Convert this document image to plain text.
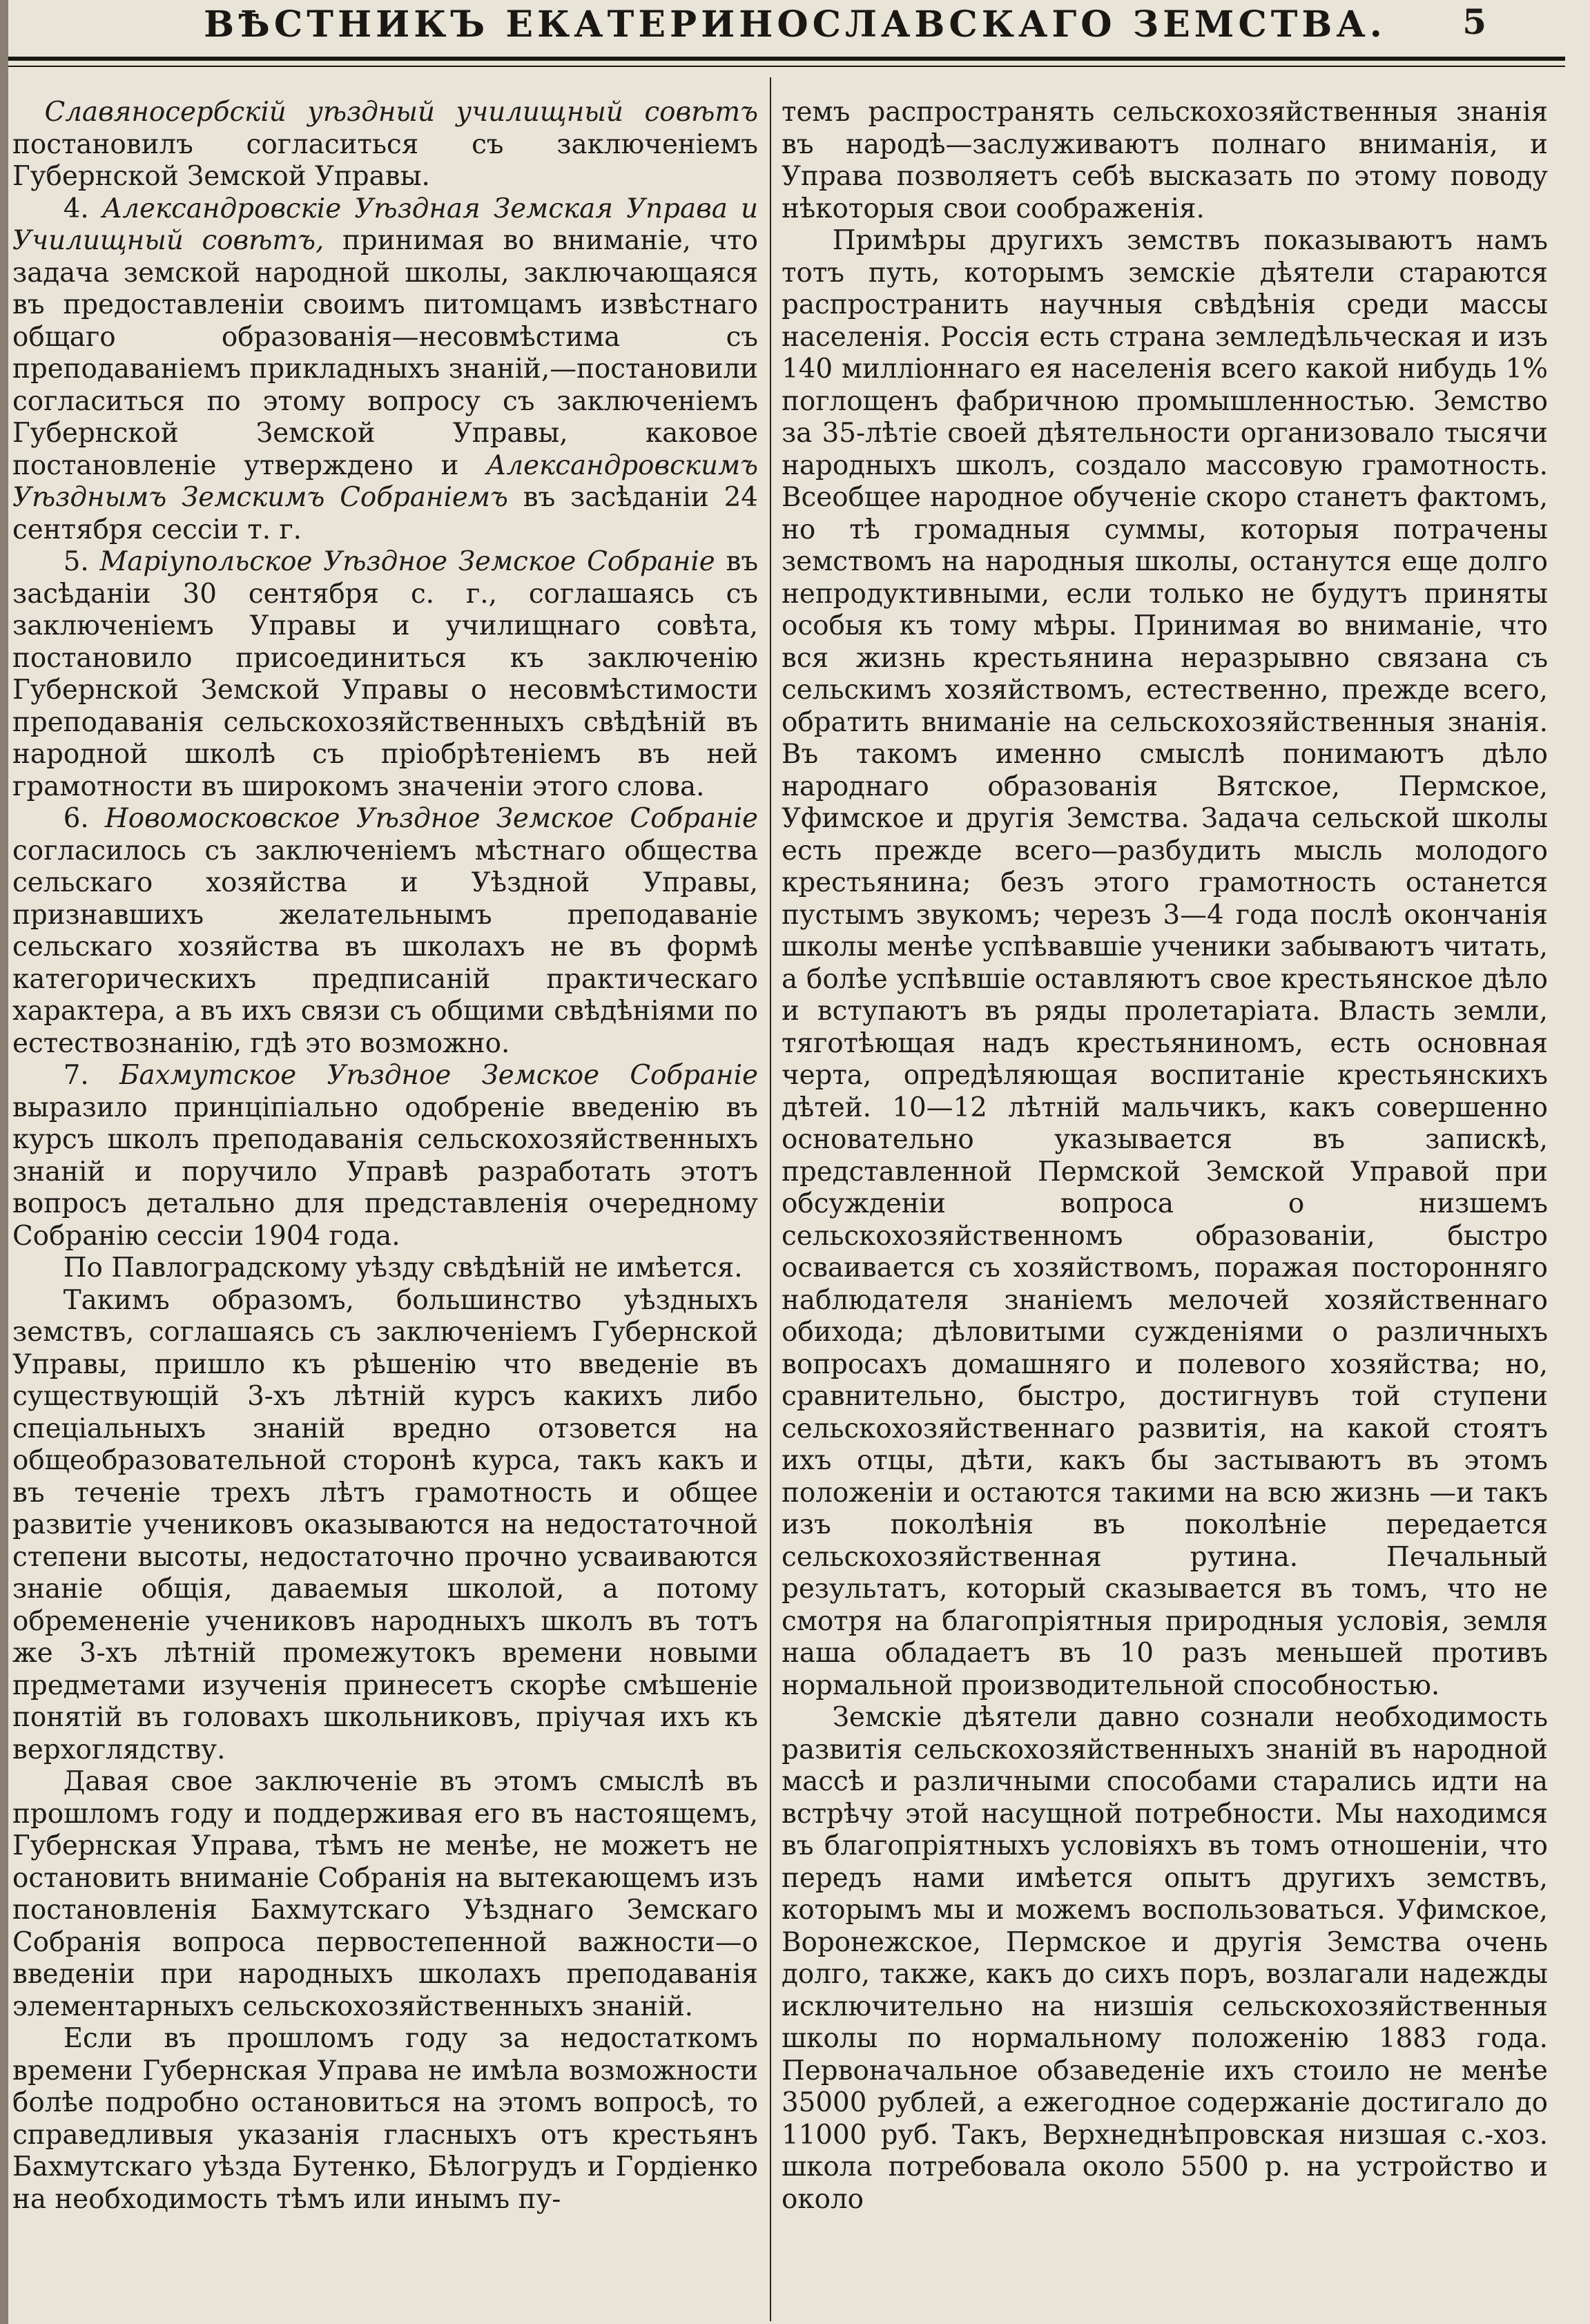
ВѢСТНИКЪ ЕКАТЕРИНОСЛАВСКАГО ЗЕМСТВА. 5

Славяносербскiй уѣздный училищный совѣтъ постановилъ согласиться съ заключенiемъ Губернской Земской Управы.

4. Александровскiе Уѣздная Земская Управа и Училищный совѣтъ, принимая во вниманiе, что задача земской народной школы, заключающаяся въ предоставленiи своимъ питомцамъ извѣстнаго общаго образованiя—несовмѣстима съ преподаванiемъ прикладныхъ знанiй,—постановили согласиться по этому вопросу съ заключенiемъ Губернской Земской Управы, каковое постановленiе утверждено и Александровскимъ Уѣзднымъ Земскимъ Собранiемъ въ засѣданiи 24 сентября сессiи т. г.

5. Марiупольское Уѣздное Земское Собранiе въ засѣданiи 30 сентября с. г., соглашаясь съ заключенiемъ Управы и училищнаго совѣта, постановило присоединиться къ заключенiю Губернской Земской Управы о несовмѣстимости преподаванiя сельскохозяйственныхъ свѣдѣнiй въ народной школѣ съ прiобрѣтенiемъ въ ней грамотности въ широкомъ значенiи этого слова.

6. Новомосковское Уѣздное Земское Собранiе согласилось съ заключенiемъ мѣстнаго общества сельскаго хозяйства и Уѣздной Управы, признавшихъ желательнымъ преподаванiе сельскаго хозяйства въ школахъ не въ формѣ категорическихъ предписанiй практическаго характера, а въ ихъ связи съ общими свѣдѣнiями по естествознанiю, гдѣ это возможно.

7. Бахмутское Уѣздное Земское Собранiе выразило принцiпiально одобренiе введенiю въ курсъ школъ преподаванiя сельскохозяйственныхъ знанiй и поручило Управѣ разработать этотъ вопросъ детально для представленiя очередному Собранiю сессiи 1904 года.

По Павлоградскому уѣзду свѣдѣнiй не имѣется.

Такимъ образомъ, большинство уѣздныхъ земствъ, соглашаясь съ заключенiемъ Губернской Управы, пришло къ рѣшенiю что введенiе въ существующiй 3-хъ лѣтнiй курсъ какихъ либо спецiальныхъ знанiй вредно отзовется на общеобразовательной сторонѣ курса, такъ какъ и въ теченiе трехъ лѣтъ грамотность и общее развитiе учениковъ оказываются на недостаточной степени высоты, недостаточно прочно усваиваются знанiе общiя, даваемыя школой, а потому обремененiе учениковъ народныхъ школъ въ тотъ же 3-хъ лѣтнiй промежутокъ времени новыми предметами изученiя принесетъ скорѣе смѣшенiе понятiй въ головахъ школьниковъ, прiучая ихъ къ верхоглядству.

Давая свое заключенiе въ этомъ смыслѣ въ прошломъ году и поддерживая его въ настоящемъ, Губернская Управа, тѣмъ не менѣе, не можетъ не остановить вниманiе Собранiя на вытекающемъ изъ постановленiя Бахмутскаго Уѣзднаго Земскаго Собранiя вопроса первостепенной важности—о введенiи при народныхъ школахъ преподаванiя элементарныхъ сельскохозяйственныхъ знанiй.

Если въ прошломъ году за недостаткомъ времени Губернская Управа не имѣла возможности болѣе подробно остановиться на этомъ вопросѣ, то справедливыя указанiя гласныхъ отъ крестьянъ Бахмутскаго уѣзда Бутенко, Бѣлогрудъ и Гордiенко на необходимость тѣмъ или инымъ пу-

темъ распространять сельскохозяйственныя знанiя въ народѣ—заслуживаютъ полнаго вниманiя, и Управа позволяетъ себѣ высказать по этому поводу нѣкоторыя свои соображенiя.

Примѣры другихъ земствъ показываютъ намъ тотъ путь, которымъ земскiе дѣятели стараются распространить научныя свѣдѣнiя среди массы населенiя. Россiя есть страна земледѣльческая и изъ 140 миллiоннаго ея населенiя всего какой нибудь 1% поглощенъ фабричною промышленностью. Земство за 35-лѣтiе своей дѣятельности организовало тысячи народныхъ школъ, создало массовую грамотность. Всеобщее народное обученiе скоро станетъ фактомъ, но тѣ громадныя суммы, которыя потрачены земствомъ на народныя школы, останутся еще долго непродуктивными, если только не будутъ приняты особыя къ тому мѣры. Принимая во вниманiе, что вся жизнь крестьянина неразрывно связана съ сельскимъ хозяйствомъ, естественно, прежде всего, обратить вниманiе на сельскохозяйственныя знанiя. Въ такомъ именно смыслѣ понимаютъ дѣло народнаго образованiя Вятское, Пермское, Уфимское и другiя Земства. Задача сельской школы есть прежде всего—разбудить мысль молодого крестьянина; безъ этого грамотность останется пустымъ звукомъ; черезъ 3—4 года послѣ окончанiя школы менѣе успѣвавшiе ученики забываютъ читать, а болѣе успѣвшiе оставляютъ свое крестьянское дѣло и вступаютъ въ ряды пролетарiата. Власть земли, тяготѣющая надъ крестьяниномъ, есть основная черта, опредѣляющая воспитанiе крестьянскихъ дѣтей. 10—12 лѣтнiй мальчикъ, какъ совершенно основательно указывается въ запискѣ, представленной Пермской Земской Управой при обсужденiи вопроса о низшемъ сельскохозяйственномъ образованiи, быстро осваивается съ хозяйствомъ, поражая посторонняго наблюдателя знанiемъ мелочей хозяйственнаго обихода; дѣловитыми сужденiями о различныхъ вопросахъ домашняго и полевого хозяйства; но, сравнительно, быстро, достигнувъ той ступени сельскохозяйственнаго развитiя, на какой стоятъ ихъ отцы, дѣти, какъ бы застываютъ въ этомъ положенiи и остаются такими на всю жизнь —и такъ изъ поколѣнiя въ поколѣнiе передается сельскохозяйственная рутина. Печальный результатъ, который сказывается въ томъ, что не смотря на благопрiятныя природныя условiя, земля наша обладаетъ въ 10 разъ меньшей противъ нормальной производительной способностью.

Земскiе дѣятели давно сознали необходимость развитiя сельскохозяйственныхъ знанiй въ народной массѣ и различными способами старались идти на встрѣчу этой насущной потребности. Мы находимся въ благопрiятныхъ условiяхъ въ томъ отношенiи, что передъ нами имѣется опытъ другихъ земствъ, которымъ мы и можемъ воспользоваться. Уфимское, Воронежское, Пермское и другiя Земства очень долго, также, какъ до сихъ поръ, возлагали надежды исключительно на низшiя сельскохозяйственныя школы по нормальному положенiю 1883 года. Первоначальное обзаведенiе ихъ стоило не менѣе 35000 рублей, а ежегодное содержанiе достигало до 11000 руб. Такъ, Верхнеднѣпровская низшая с.-хоз. школа потребовала около 5500 р. на устройство и около
